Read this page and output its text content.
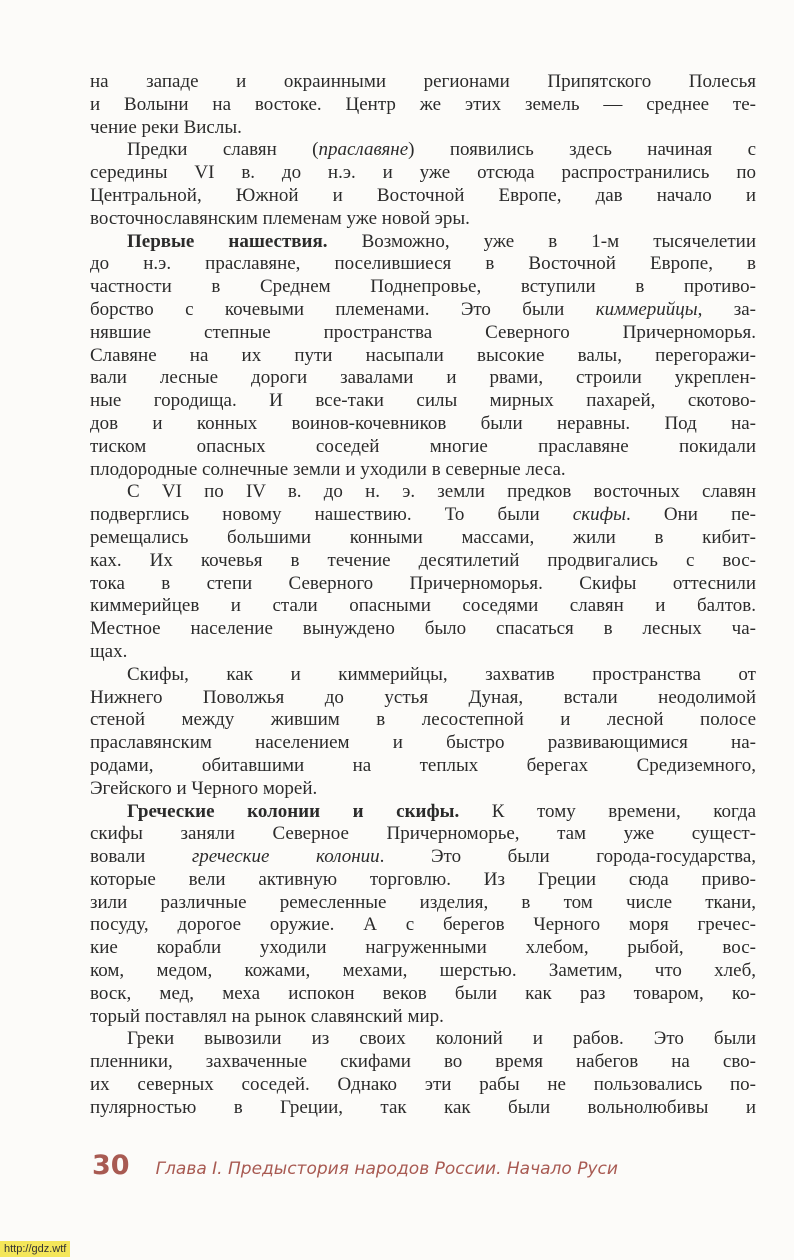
на западе и окраинными регионами Припятского Полесья
и Волыни на востоке. Центр же этих земель — среднее те-
чение реки Вислы.
Предки славян (праславяне) появились здесь начиная с
середины VI в. до н.э. и уже отсюда распространились по
Центральной, Южной и Восточной Европе, дав начало и
восточнославянским племенам уже новой эры.
Первые нашествия. Возможно, уже в 1-м тысячелетии
до н.э. праславяне, поселившиеся в Восточной Европе, в
частности в Среднем Поднепровье, вступили в противо-
борство с кочевыми племенами. Это были киммерийцы, за-
нявшие степные пространства Северного Причерноморья.
Славяне на их пути насыпали высокие валы, перегоражи-
вали лесные дороги завалами и рвами, строили укреплен-
ные городища. И все-таки силы мирных пахарей, скотово-
дов и конных воинов-кочевников были неравны. Под на-
тиском опасных соседей многие праславяне покидали
плодородные солнечные земли и уходили в северные леса.
С VI по IV в. до н. э. земли предков восточных славян
подверглись новому нашествию. То были скифы. Они пе-
ремещались большими конными массами, жили в кибит-
ках. Их кочевья в течение десятилетий продвигались с вос-
тока в степи Северного Причерноморья. Скифы оттеснили
киммерийцев и стали опасными соседями славян и балтов.
Местное население вынуждено было спасаться в лесных ча-
щах.
Скифы, как и киммерийцы, захватив пространства от
Нижнего Поволжья до устья Дуная, встали неодолимой
стеной между жившим в лесостепной и лесной полосе
праславянским населением и быстро развивающимися на-
родами, обитавшими на теплых берегах Средиземного,
Эгейского и Черного морей.
Греческие колонии и скифы. К тому времени, когда
скифы заняли Северное Причерноморье, там уже сущест-
вовали греческие колонии. Это были города-государства,
которые вели активную торговлю. Из Греции сюда приво-
зили различные ремесленные изделия, в том числе ткани,
посуду, дорогое оружие. А с берегов Черного моря гречес-
кие корабли уходили нагруженными хлебом, рыбой, вос-
ком, медом, кожами, мехами, шерстью. Заметим, что хлеб,
воск, мед, меха испокон веков были как раз товаром, ко-
торый поставлял на рынок славянский мир.
Греки вывозили из своих колоний и рабов. Это были
пленники, захваченные скифами во время набегов на сво-
их северных соседей. Однако эти рабы не пользовались по-
пулярностью в Греции, так как были вольнолюбивы и
30 Глава I. Предыстория народов России. Начало Руси
http://gdz.wtf
